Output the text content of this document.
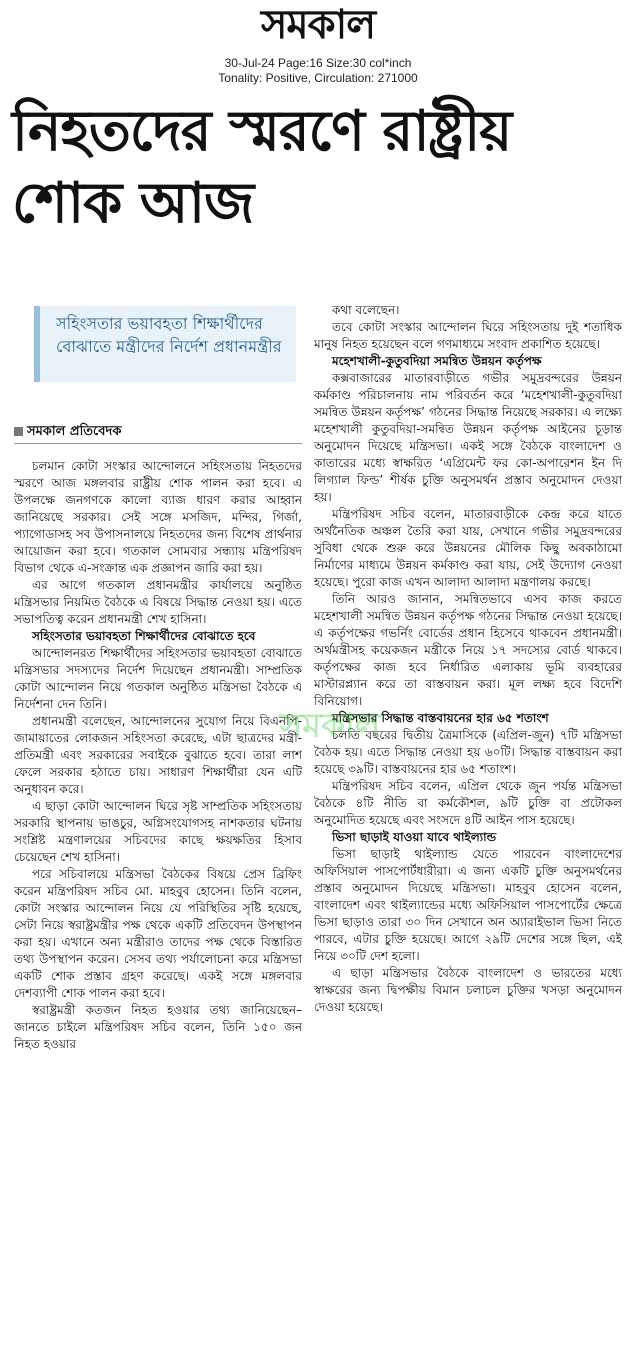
সমকাল
30-Jul-24 Page:16 Size:30 col*inch
Tonality: Positive, Circulation: 271000
নিহতদের স্মরণে রাষ্ট্রীয় শোক আজ
সহিংসতার ভয়াবহতা শিক্ষার্থীদের বোঝাতে মন্ত্রীদের নির্দেশ প্রধানমন্ত্রীর
সমকাল প্রতিবেদক

চলমান কোটা সংস্কার আন্দোলনে সহিংসতায় নিহতদের স্মরণে আজ মঙ্গলবার রাষ্ট্রীয় শোক পালন করা হবে। এ উপলক্ষে জনগণকে কালো ব্যাজ ধারণ করার আহ্বান জানিয়েছে সরকার। সেই সঙ্গে মসজিদ, মন্দির, গির্জা, প্যাগোডাসহ সব উপাসনালয়ে নিহতদের জন্য বিশেষ প্রার্থনার আয়োজন করা হবে। গতকাল সোমবার সন্ধ্যায় মন্ত্রিপরিষদ বিভাগ থেকে এ-সংক্রান্ত এক প্রজ্ঞাপন জারি করা হয়।

এর আগে গতকাল প্রধানমন্ত্রীর কার্যালয়ে অনুষ্ঠিত মন্ত্রিসভার নিয়মিত বৈঠকে এ বিষয়ে সিদ্ধান্ত নেওয়া হয়। এতে সভাপতিত্ব করেন প্রধানমন্ত্রী শেখ হাসিনা।

সহিংসতার ভয়াবহতা শিক্ষার্থীদের বোঝাতে হবে

আন্দোলনরত শিক্ষার্থীদের সহিংসতার ভয়াবহতা বোঝাতে মন্ত্রিসভার সদস্যদের নির্দেশ দিয়েছেন প্রধানমন্ত্রী। সাম্প্রতিক কোটা আন্দোলন নিয়ে গতকাল অনুষ্ঠিত মন্ত্রিসভা বৈঠকে এ নির্দেশনা দেন তিনি।

প্রধানমন্ত্রী বলেছেন, আন্দোলনের সুযোগ নিয়ে বিএনপি-জামায়াতের লোকজন সহিংসতা করেছে, এটা ছাত্রদের মন্ত্রী-প্রতিমন্ত্রী এবং সরকারের সবাইকে বুঝাতে হবে। তারা লাশ ফেলে সরকার হঠাতে চায়। সাধারণ শিক্ষার্থীরা যেন এটি অনুধাবন করে।

এ ছাড়া কোটা আন্দোলন ঘিরে সৃষ্ট সাম্প্রতিক সহিংসতায় সরকারি স্থাপনায় ভাঙচুর, অগ্নিসংযোগসহ নাশকতার ঘটনায় সংশ্লিষ্ট মন্ত্রণালয়ের সচিবদের কাছে ক্ষয়ক্ষতির হিসাব চেয়েছেন শেখ হাসিনা।

পরে সচিবালয়ে মন্ত্রিসভা বৈঠকের বিষয়ে প্রেস ব্রিফিং করেন মন্ত্রিপরিষদ সচিব মো. মাহবুব হোসেন। তিনি বলেন, কোটা সংস্কার আন্দোলন নিয়ে যে পরিস্থিতির সৃষ্টি হয়েছে, সেটা নিয়ে স্বরাষ্ট্রমন্ত্রীর পক্ষ থেকে একটি প্রতিবেদন উপস্থাপন করা হয়। এখানে অন্য মন্ত্রীরাও তাদের পক্ষ থেকে বিস্তারিত তথ্য উপস্থাপন করেন। সেসব তথ্য পর্যালোচনা করে মন্ত্রিসভা একটি শোক প্রস্তাব গ্রহণ করেছে। একই সঙ্গে মঙ্গলবার দেশব্যাপী শোক পালন করা হবে।

স্বরাষ্ট্রমন্ত্রী কতজন নিহত হওয়ার তথ্য জানিয়েছেন– জানতে চাইলে মন্ত্রিপরিষদ সচিব বলেন, তিনি ১৫০ জন নিহত হওয়ার

কথা বলেছেন।

তবে কোটা সংস্কার আন্দোলন ঘিরে সহিংসতায় দুই শতাধিক মানুষ নিহত হয়েছেন বলে গণমাধ্যমে সংবাদ প্রকাশিত হয়েছে।

মহেশখালী-কুতুবদিয়া সমন্বিত উন্নয়ন কর্তৃপক্ষ

কক্সবাজারের মাতারবাড়ীতে গভীর সমুদ্রবন্দরের উন্নয়ন কর্মকাণ্ড পরিচালনায় নাম পরিবর্তন করে ‘মহেশখালী-কুতুবদিয়া সমন্বিত উন্নয়ন কর্তৃপক্ষ’ গঠনের সিদ্ধান্ত নিয়েছে সরকার। এ লক্ষ্যে মহেশখালী কুতুবদিয়া-সমন্বিত উন্নয়ন কর্তৃপক্ষ আইনের চূড়ান্ত অনুমোদন দিয়েছে মন্ত্রিসভা। একই সঙ্গে বৈঠকে বাংলাদেশ ও কাতারের মধ্যে স্বাক্ষরিত ‘এগ্রিমেন্ট ফর কো-অপারেশন ইন দি লিগ্যাল ফিল্ড’ শীর্ষক চুক্তি অনুসমর্থন প্রস্তাব অনুমোদন দেওয়া হয়।

মন্ত্রিপরিষদ সচিব বলেন, মাতারবাড়ীকে কেন্দ্র করে যাতে অর্থনৈতিক অঞ্চল তৈরি করা যায়, সেখানে গভীর সমুদ্রবন্দরের সুবিধা থেকে শুরু করে উন্নয়নের মৌলিক কিছু অবকাঠামো নির্মাণের মাধ্যমে উন্নয়ন কর্মকাণ্ড করা যায়, সেই উদ্যোগ নেওয়া হয়েছে। পুরো কাজ এখন আলাদা আলাদা মন্ত্রণালয় করছে।

তিনি আরও জানান, সমন্বিতভাবে এসব কাজ করতে মহেশখালী সমন্বিত উন্নয়ন কর্তৃপক্ষ গঠনের সিদ্ধান্ত নেওয়া হয়েছে। এ কর্তৃপক্ষের গভর্নিং বোর্ডের প্রধান হিসেবে থাকবেন প্রধানমন্ত্রী। অর্থমন্ত্রীসহ কয়েকজন মন্ত্রীকে নিয়ে ১৭ সদস্যের বোর্ড থাকবে। কর্তৃপক্ষের কাজ হবে নির্ধারিত এলাকায় ভূমি ব্যবহারের মাস্টারপ্ল্যান করে তা বাস্তবায়ন করা। মূল লক্ষ্য হবে বিদেশি বিনিয়োগ।

মন্ত্রিসভার সিদ্ধান্ত বাস্তবায়নের হার ৬৫ শতাংশ

চলতি বছরের দ্বিতীয় ত্রৈমাসিকে (এপ্রিল-জুন) ৭টি মন্ত্রিসভা বৈঠক হয়। এতে সিদ্ধান্ত নেওয়া হয় ৬০টি। সিদ্ধান্ত বাস্তবায়ন করা হয়েছে ৩৯টি। বাস্তবায়নের হার ৬৫ শতাংশ।

মন্ত্রিপরিষদ সচিব বলেন, এপ্রিল থেকে জুন পর্যন্ত মন্ত্রিসভা বৈঠকে ৪টি নীতি বা কর্মকৌশল, ৯টি চুক্তি বা প্রটোকল অনুমোদিত হয়েছে এবং সংসদে ৪টি আইন পাস হয়েছে।

ভিসা ছাড়াই যাওয়া যাবে থাইল্যান্ড

ভিসা ছাড়াই থাইল্যান্ড যেতে পারবেন বাংলাদেশের অফিসিয়াল পাসপোর্টধারীরা। এ জন্য একটি চুক্তি অনুসমর্থনের প্রস্তাব অনুমোদন দিয়েছে মন্ত্রিসভা। মাহবুব হোসেন বলেন, বাংলাদেশ এবং থাইল্যান্ডের মধ্যে অফিসিয়াল পাসপোর্টের ক্ষেত্রে ভিসা ছাড়াও তারা ৩০ দিন সেখানে অন অ্যারাইভাল ভিসা নিতে পারবে, এটার চুক্তি হয়েছে। আগে ২৯টি দেশের সঙ্গে ছিল, এই নিয়ে ৩০টি দেশ হলো।

এ ছাড়া মন্ত্রিসভার বৈঠকে বাংলাদেশ ও ভারতের মধ্যে স্বাক্ষরের জন্য দ্বিপক্ষীয় বিমান চলাচল চুক্তির খসড়া অনুমোদন দেওয়া হয়েছে।

সমকাল
